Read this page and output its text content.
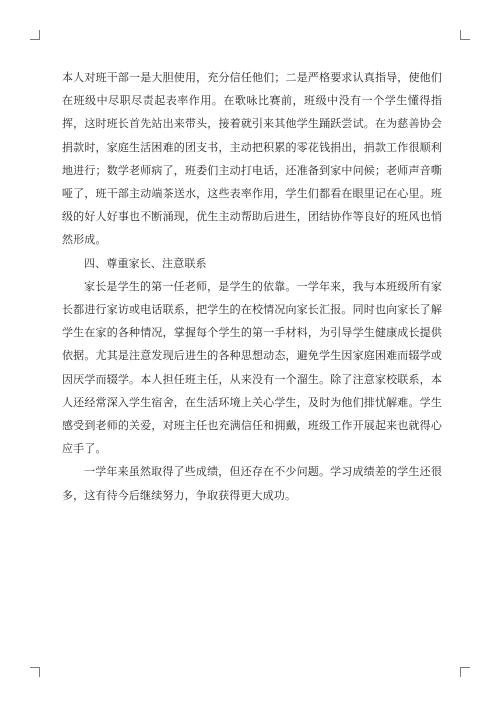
本人对班干部一是大胆使用，充分信任他们；二是严格要求认真指导，使他们在班级中尽职尽责起表率作用。在歌咏比赛前，班级中没有一个学生懂得指挥，这时班长首先站出来带头，接着就引来其他学生踊跃尝试。在为慈善协会捐款时，家庭生活困难的团支书，主动把积累的零花钱捐出，捐款工作很顺利地进行；数学老师病了，班委们主动打电话，还准备到家中问候；老师声音嘶哑了，班干部主动端茶送水，这些表率作用，学生们都看在眼里记在心里。班级的好人好事也不断涌现，优生主动帮助后进生，团结协作等良好的班风也悄然形成。

四、尊重家长、注意联系

家长是学生的第一任老师，是学生的依靠。一学年来，我与本班级所有家长都进行家访或电话联系，把学生的在校情况向家长汇报。同时也向家长了解学生在家的各种情况，掌握每个学生的第一手材料，为引导学生健康成长提供依据。尤其是注意发现后进生的各种思想动态，避免学生因家庭困难而辍学或因厌学而辍学。本人担任班主任，从来没有一个溜生。除了注意家校联系，本人还经常深入学生宿舍，在生活环境上关心学生，及时为他们排忧解难。学生感受到老师的关爱，对班主任也充满信任和拥戴，班级工作开展起来也就得心应手了。

一学年来虽然取得了些成绩，但还存在不少问题。学习成绩差的学生还很多，这有待今后继续努力，争取获得更大成功。
